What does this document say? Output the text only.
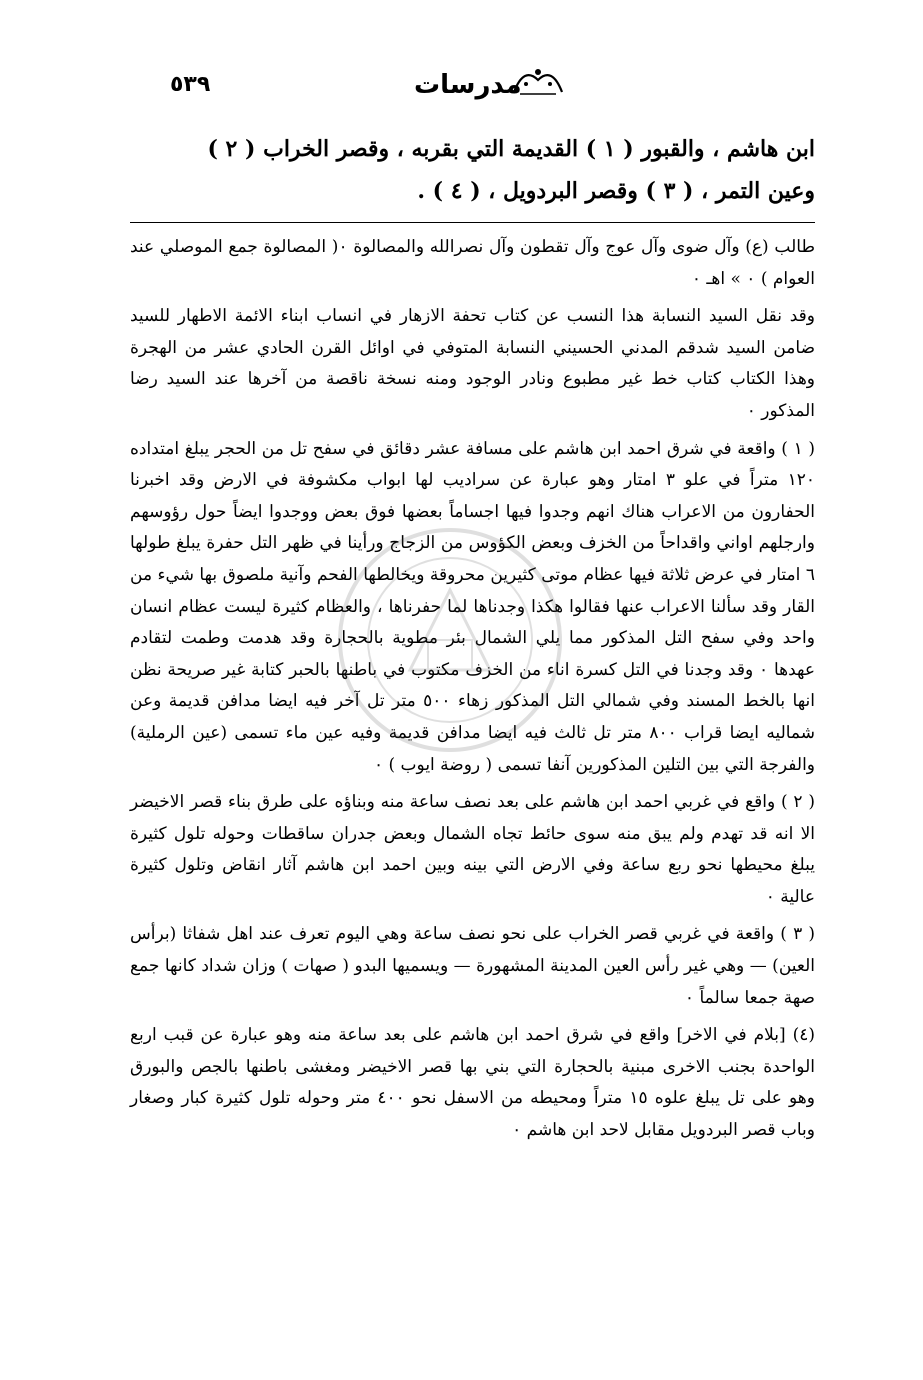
٥٣٩	مدرسات

ابن هاشم ، والقبور ( ١ ) القديمة التي بقربه ، وقصر الخراب ( ٢ )

وعين التمر ، ( ٣ ) وقصر البردويل ، ( ٤ ) .

طالب (ع) وآل ضوى وآل عوج وآل تقطون وآل نصرالله والمصالوة ٠( المصالوة جمع الموصلي عند العوام ) ٠ » اهـ ٠

وقد نقل السيد النسابة هذا النسب عن كتاب تحفة الازهار في انساب ابناء الائمة الاطهار للسيد ضامن السيد شدقم المدني الحسيني النسابة المتوفي في اوائل القرن الحادي عشر من الهجرة وهذا الكتاب كتاب خط غير مطبوع ونادر الوجود ومنه نسخة ناقصة من آخرها عند السيد رضا المذكور ٠

( ١ ) واقعة في شرق احمد ابن هاشم على مسافة عشر دقائق في سفح تل من الحجر يبلغ امتداده ١٢٠ متراً في علو ٣ امتار وهو عبارة عن سراديب لها ابواب مكشوفة في الارض وقد اخبرنا الحفارون من الاعراب هناك انهم وجدوا فيها اجساماً بعضها فوق بعض ووجدوا ايضاً حول رؤوسهم وارجلهم اواني واقداحاً من الخزف وبعض الكؤوس من الزجاج ورأينا في ظهر التل حفرة يبلغ طولها ٦ امتار في عرض ثلاثة فيها عظام موتى كثيرين محروقة ويخالطها الفحم وآنية ملصوق بها شيء من القار وقد سألنا الاعراب عنها فقالوا هكذا وجدناها لما حفرناها ، والعظام كثيرة ليست عظام انسان واحد وفي سفح التل المذكور مما يلي الشمال بئر مطوية بالحجارة وقد هدمت وطمت لتقادم عهدها ٠ وقد وجدنا في التل كسرة اناء من الخزف مكتوب في باطنها بالحبر كتابة غير صريحة نظن انها بالخط المسند وفي شمالي التل المذكور زهاء ٥٠٠ متر تل آخر فيه ايضا مدافن قديمة وعن شماليه ايضا قراب ٨٠٠ متر تل ثالث فيه ايضا مدافن قديمة وفيه عين ماء تسمى (عين الرملية) والفرجة التي بين التلين المذكورين آنفا تسمى ( روضة ايوب ) ٠

( ٢ ) واقع في غربي احمد ابن هاشم على بعد نصف ساعة منه وبناؤه على طرق بناء قصر الاخيضر الا انه قد تهدم ولم يبق منه سوى حائط تجاه الشمال وبعض جدران ساقطات وحوله تلول كثيرة يبلغ محيطها نحو ربع ساعة وفي الارض التي بينه وبين احمد ابن هاشم آثار انقاض وتلول كثيرة عالية ٠

( ٣ ) واقعة في غربي قصر الخراب على نحو نصف ساعة وهي اليوم تعرف عند اهل شفاثا (برأس العين) — وهي غير رأس العين المدينة المشهورة — ويسميها البدو ( صهات ) وزان شداد كانها جمع صهة جمعا سالماً ٠

(٤) [بلام في الاخر] واقع في شرق احمد ابن هاشم على بعد ساعة منه وهو عبارة عن قبب اربع الواحدة بجنب الاخرى مبنية بالحجارة التي بني بها قصر الاخيضر ومغشى باطنها بالجص والبورق وهو على تل يبلغ علوه ١٥ متراً ومحيطه من الاسفل نحو ٤٠٠ متر وحوله تلول كثيرة كبار وصغار وباب قصر البردويل مقابل لاحد ابن هاشم ٠
